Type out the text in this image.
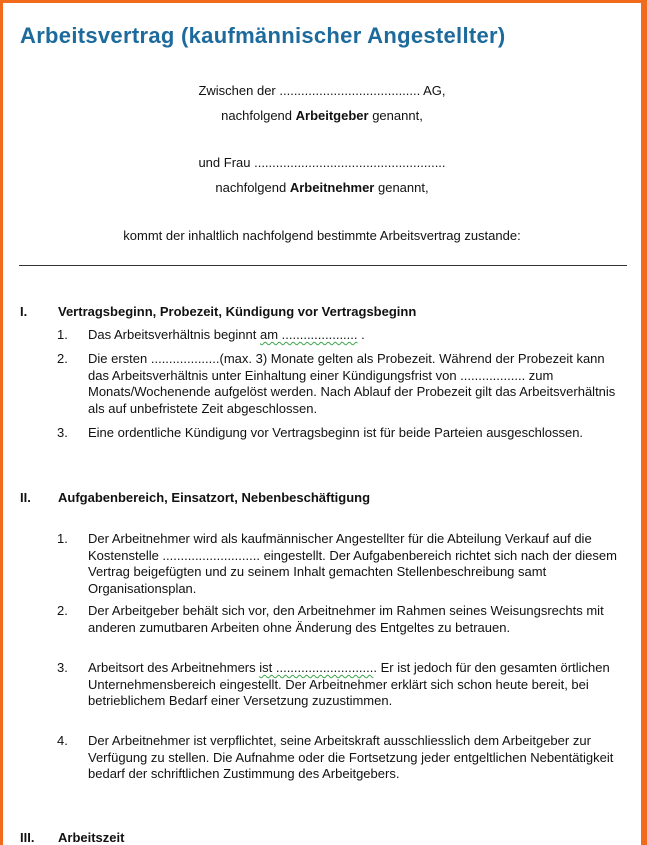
Arbeitsvertrag (kaufmännischer Angestellter)
Zwischen der ....................................... AG,
nachfolgend Arbeitgeber genannt,
und Frau .....................................................
nachfolgend Arbeitnehmer genannt,
kommt der inhaltlich nachfolgend bestimmte Arbeitsvertrag zustande:
I. Vertragsbeginn, Probezeit, Kündigung vor Vertragsbeginn
1. Das Arbeitsverhältnis beginnt am ..................... .
2. Die ersten ...................(max. 3) Monate gelten als Probezeit. Während der Probezeit kann das Arbeitsverhältnis unter Einhaltung einer Kündigungsfrist von .................. zum Monats/Wochenende aufgelöst werden. Nach Ablauf der Probezeit gilt das Arbeitsverhältnis als auf unbefristete Zeit abgeschlossen.
3. Eine ordentliche Kündigung vor Vertragsbeginn ist für beide Parteien ausgeschlossen.
II. Aufgabenbereich, Einsatzort, Nebenbeschäftigung
1. Der Arbeitnehmer wird als kaufmännischer Angestellter für die Abteilung Verkauf auf die Kostenstelle ........................... eingestellt. Der Aufgabenbereich richtet sich nach der diesem Vertrag beigefügten und zu seinem Inhalt gemachten Stellenbeschreibung samt Organisationsplan.
2. Der Arbeitgeber behält sich vor, den Arbeitnehmer im Rahmen seines Weisungsrechts mit anderen zumutbaren Arbeiten ohne Änderung des Entgeltes zu betrauen.
3. Arbeitsort des Arbeitnehmers ist ............................ Er ist jedoch für den gesamten örtlichen Unternehmensbereich eingestellt. Der Arbeitnehmer erklärt sich schon heute bereit, bei betrieblichem Bedarf einer Versetzung zuzustimmen.
4. Der Arbeitnehmer ist verpflichtet, seine Arbeitskraft ausschliesslich dem Arbeitgeber zur Verfügung zu stellen. Die Aufnahme oder die Fortsetzung jeder entgeltlichen Nebentätigkeit bedarf der schriftlichen Zustimmung des Arbeitgebers.
III. Arbeitszeit
